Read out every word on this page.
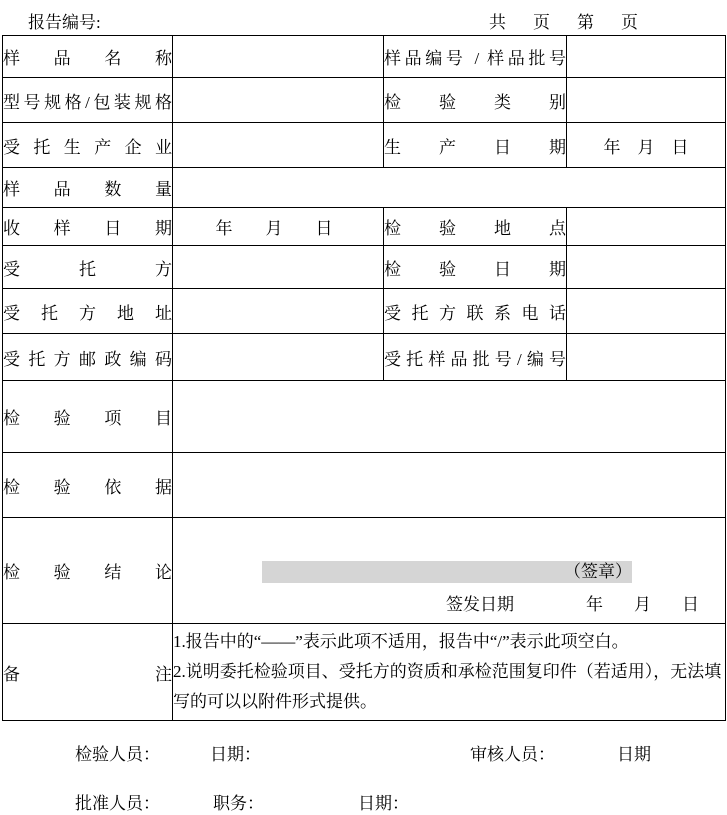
报告编号:	共　页　第　页
样品名称		样品编号 / 样品批号	
型号规格/包装规格		检验类别	
受托生产企业		生产日期	年　月　日
样品数量			
收样日期	年　月　日	检验地点	
受托方		检验日期	
受托方地址		受托方联系电话	
受托方邮政编码		受托样品批号/编号	
检验项目			
检验依据			
检验结论	（签章）
签发日期 年　月　日		

备注	1.报告中的“——”表示此项不适用，报告中“/”表示此项空白。
2.说明委托检验项目、受托方的资质和承检范围复印件（若适用），无法填写的可以以附件形式提供。		
检验人员：	日期：	审核人员：	日期
批准人员：	职务：	日期：
